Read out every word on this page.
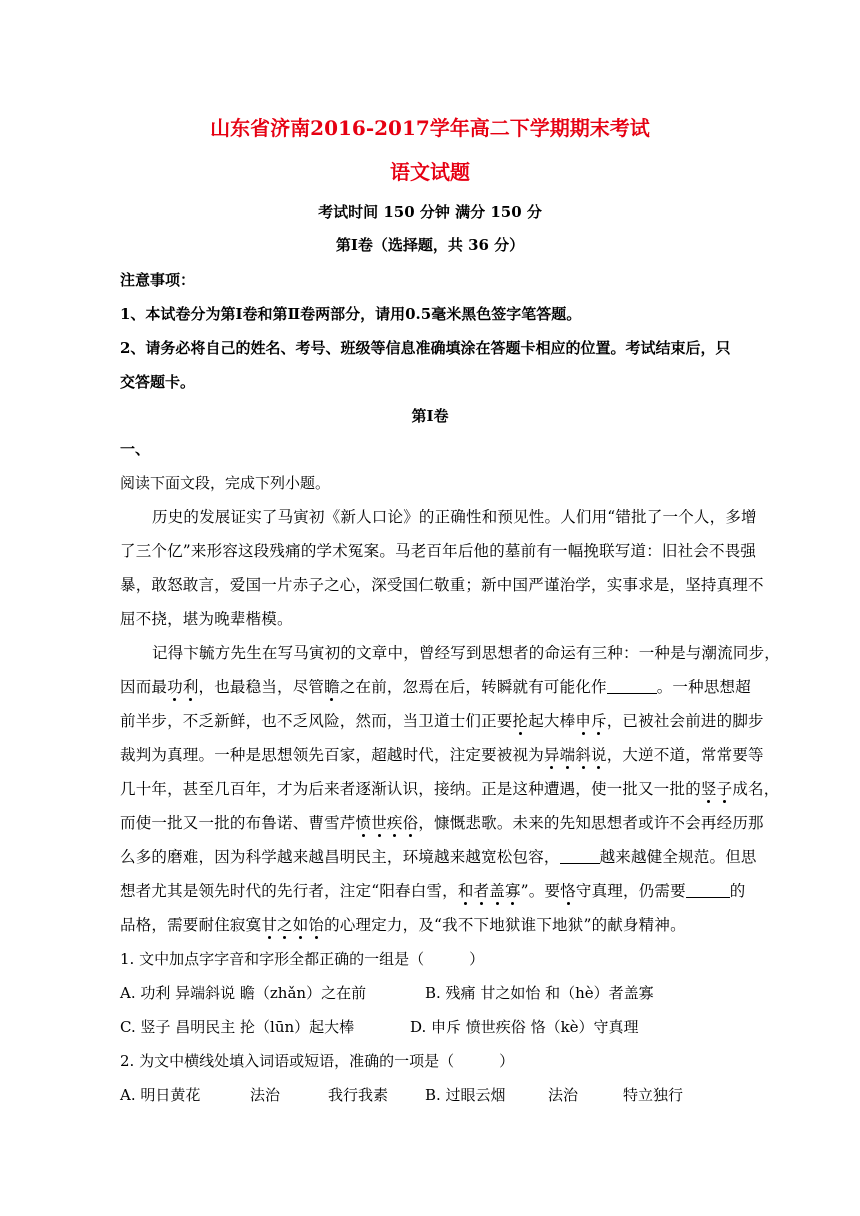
山东省济南2016-2017学年高二下学期期末考试
语文试题
考试时间 150 分钟 满分 150 分
第Ⅰ卷（选择题，共 36 分）
注意事项：
1、本试卷分为第Ⅰ卷和第Ⅱ卷两部分，请用0.5毫米黑色签字笔答题。
2、请务必将自己的姓名、考号、班级等信息准确填涂在答题卡相应的位置。考试结束后，只
交答题卡。
第Ⅰ卷
一、
阅读下面文段，完成下列小题。
历史的发展证实了马寅初《新人口论》的正确性和预见性。人们用“错批了一个人，多增
了三个亿”来形容这段残痛的学术冤案。马老百年后他的墓前有一幅挽联写道：旧社会不畏强
暴，敢怒敢言，爱国一片赤子之心，深受国仁敬重；新中国严谨治学，实事求是，坚持真理不
屈不挠，堪为晚辈楷模。
记得卞毓方先生在写马寅初的文章中，曾经写到思想者的命运有三种：一种是与潮流同步，
因而最功利，也最稳当，尽管瞻之在前，忽焉在后，转瞬就有可能化作	。一种思想超
前半步，不乏新鲜，也不乏风险，然而，当卫道士们正要抡起大棒申斥，已被社会前进的脚步
裁判为真理。一种是思想领先百家，超越时代，注定要被视为异端斜说，大逆不道，常常要等
几十年，甚至几百年，才为后来者逐渐认识，接纳。正是这种遭遇，使一批又一批的竖子成名，
而使一批又一批的布鲁诺、曹雪芹愤世疾俗，慷慨悲歌。未来的先知思想者或许不会再经历那
么多的磨难，因为科学越来越昌明民主，环境越来越宽松包容，	越来越健全规范。但思
想者尤其是领先时代的先行者，注定“阳春白雪，和者盖寡”。要恪守真理，仍需要	的
品格，需要耐住寂寞甘之如饴的心理定力，及“我不下地狱谁下地狱”的献身精神。
1. 文中加点字字音和字形全都正确的一组是（　　　）
A. 功利 异端斜说 瞻（zhǎn）之在前	B. 残痛 甘之如怡 和（hè）者盖寡
C. 竖子 昌明民主 抡（lūn）起大棒	D. 申斥 愤世疾俗 恪（kè）守真理
2. 为文中横线处填入词语或短语，准确的一项是（　　　）
A. 明日黄花	法治	我行我素 B. 过眼云烟	法治	特立独行
